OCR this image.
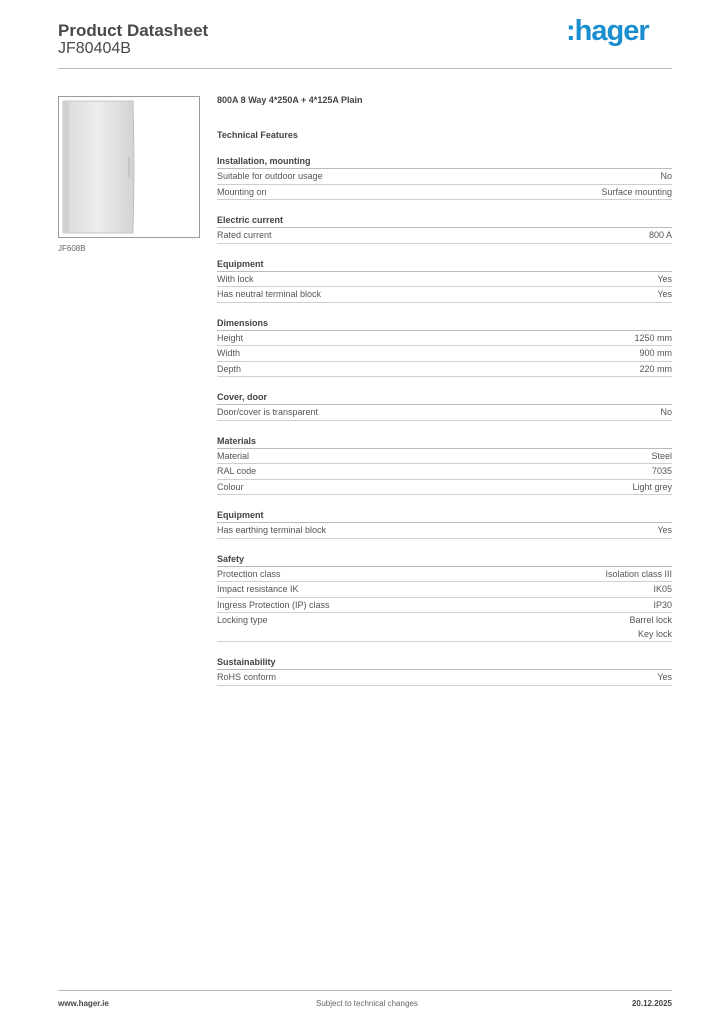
Product Datasheet
JF80404B
:hager
JF608B
800A 8 Way 4*250A + 4*125A Plain
Technical Features
Installation, mounting
Suitable for outdoor usage	No
Mounting on	Surface mounting
Electric current
Rated current	800 A
Equipment
With lock	Yes
Has neutral terminal block	Yes
Dimensions
Height	1250 mm
Width	900 mm
Depth	220 mm
Cover, door
Door/cover is transparent	No
Materials
Material	Steel
RAL code	7035
Colour	Light grey
Equipment
Has earthing terminal block	Yes
Safety
Protection class	Isolation class III
Impact resistance IK	IK05
Ingress Protection (IP) class	IP30
Locking type	Barrel lock
Key lock
Sustainability
RoHS conform	Yes
www.hager.ie	Subject to technical changes	20.12.2025
